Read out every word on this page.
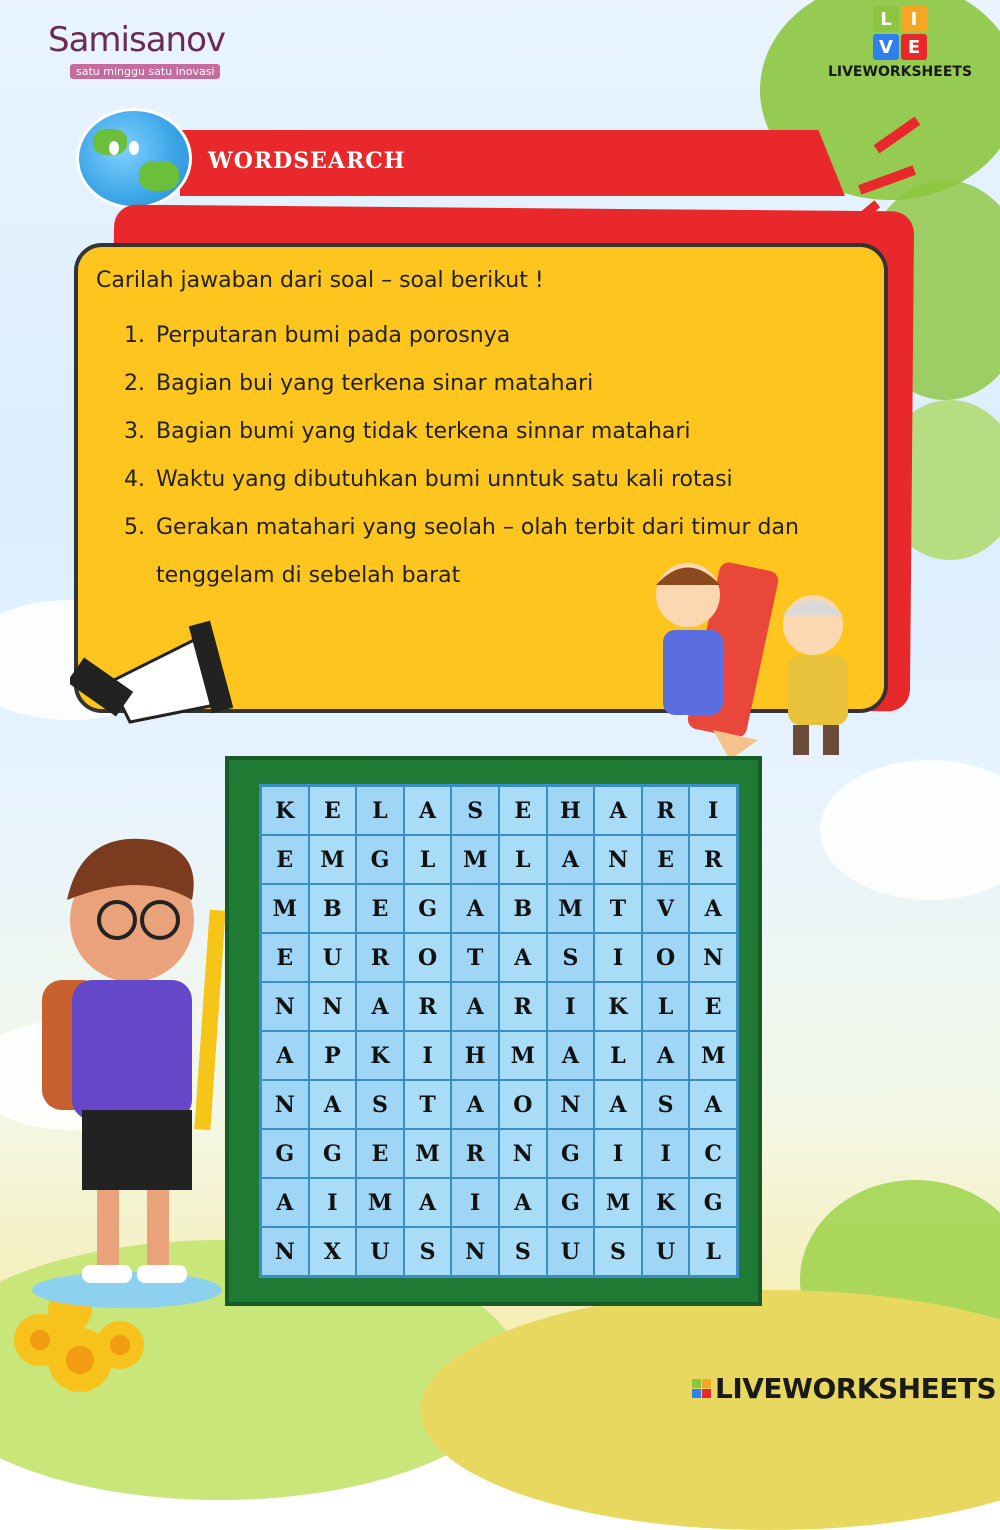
Samisanov
satu minggu satu inovasi
L	I
V E
LIVEWORKSHEETS
WORDSEARCH
Carilah jawaban dari soal – soal berikut !
1. Perputaran bumi pada porosnya
2. Bagian bui yang terkena sinar matahari
3. Bagian bumi yang tidak terkena sinnar matahari
4. Waktu yang dibutuhkan bumi unntuk satu kali rotasi
5. Gerakan matahari yang seolah – olah terbit dari timur dan
tenggelam di sebelah barat
K	E	L	A	S	E	H	A	R	I
E	M	G	L	M	L	A	N	E	R
M	B	E	G	A	B	M	T	V	A
E	U	R	O	T	A	S	I	O	N
N	N	A	R	A	R	I	K	L	E
A	P	K	I	H	M	A	L	A	M
N	A	S	T	A	O	N	A	S	A
G	G	E	M	R	N	G	I	I	C
A	I	M	A	I	A	G	M	K	G
N	X	U	S	N	S	U	S	U	L
LIVEWORKSHEETS
